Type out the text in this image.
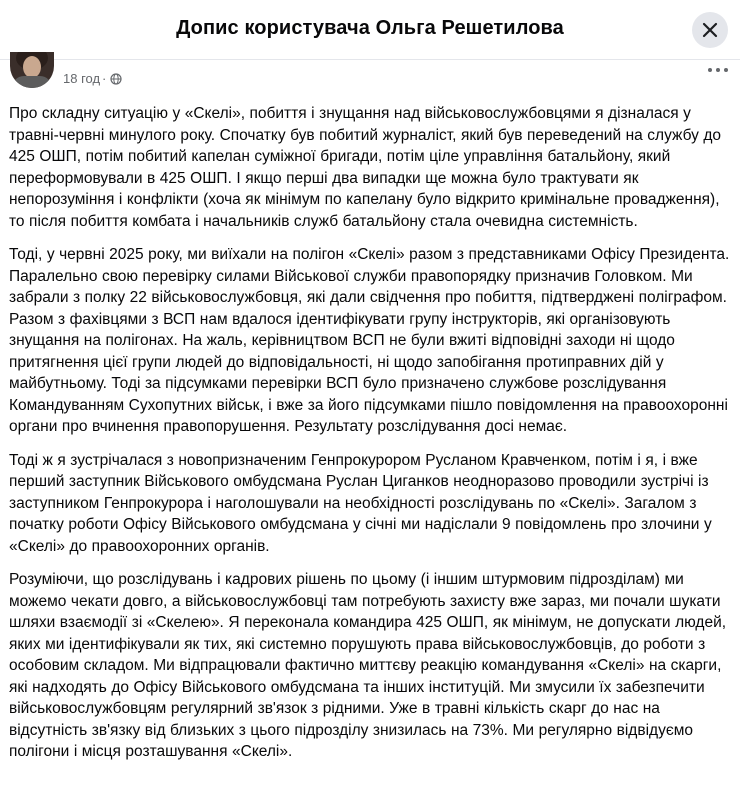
Допис користувача Ольга Решетилова
18 год ·

Про складну ситуацію у «Скелі», побиття і знущання над військовослужбовцями я дізналася у травні-червні минулого року. Спочатку був побитий журналіст, який був переведений на службу до 425 ОШП, потім побитий капелан суміжної бригади, потім ціле управління батальйону, який переформовували в 425 ОШП. І якщо перші два випадки ще можна було трактувати як непорозуміння і конфлікти (хоча як мінімум по капелану було відкрито кримінальне провадження), то після побиття комбата і начальників служб батальйону стала очевидна системність.

Тоді, у червні 2025 року, ми виїхали на полігон «Скелі» разом з представниками Офісу Президента. Паралельно свою перевірку силами Військової служби правопорядку призначив Головком. Ми забрали з полку 22 військовослужбовця, які дали свідчення про побиття, підтверджені поліграфом. Разом з фахівцями з ВСП нам вдалося ідентифікувати групу інструкторів, які організовують знущання на полігонах. На жаль, керівництвом ВСП не були вжиті відповідні заходи ні щодо притягнення цієї групи людей до відповідальності, ні щодо запобігання протиправних дій у майбутньому. Тоді за підсумками перевірки ВСП було призначено службове розслідування Командуванням Сухопутних військ, і вже за його підсумками пішло повідомлення на правоохоронні органи про вчинення правопорушення. Результату розслідування досі немає.

Тоді ж я зустрічалася з новопризначеним Генпрокурором Русланом Кравченком, потім і я, і вже перший заступник Військового омбудсмана Руслан Циганков неодноразово проводили зустрічі із заступником Генпрокурора і наголошували на необхідності розслідувань по «Скелі». Загалом з початку роботи Офісу Військового омбудсмана у січні ми надіслали 9 повідомлень про злочини у «Скелі» до правоохоронних органів.

Розуміючи, що розслідувань і кадрових рішень по цьому (і іншим штурмовим підрозділам) ми можемо чекати довго, а військовослужбовці там потребують захисту вже зараз, ми почали шукати шляхи взаємодії зі «Скелею». Я переконала командира 425 ОШП, як мінімум, не допускати людей, яких ми ідентифікували як тих, які системно порушують права військовослужбовців, до роботи з особовим складом. Ми відпрацювали фактично миттєву реакцію командування «Скелі» на скарги, які надходять до Офісу Військового омбудсмана та інших інституцій. Ми змусили їх забезпечити військовослужбовцям регулярний зв'язок з рідними. Уже в травні кількість скарг до нас на відсутність зв'язку від близьких з цього підрозділу знизилась на 73%. Ми регулярно відвідуємо полігони і місця розташування «Скелі».
